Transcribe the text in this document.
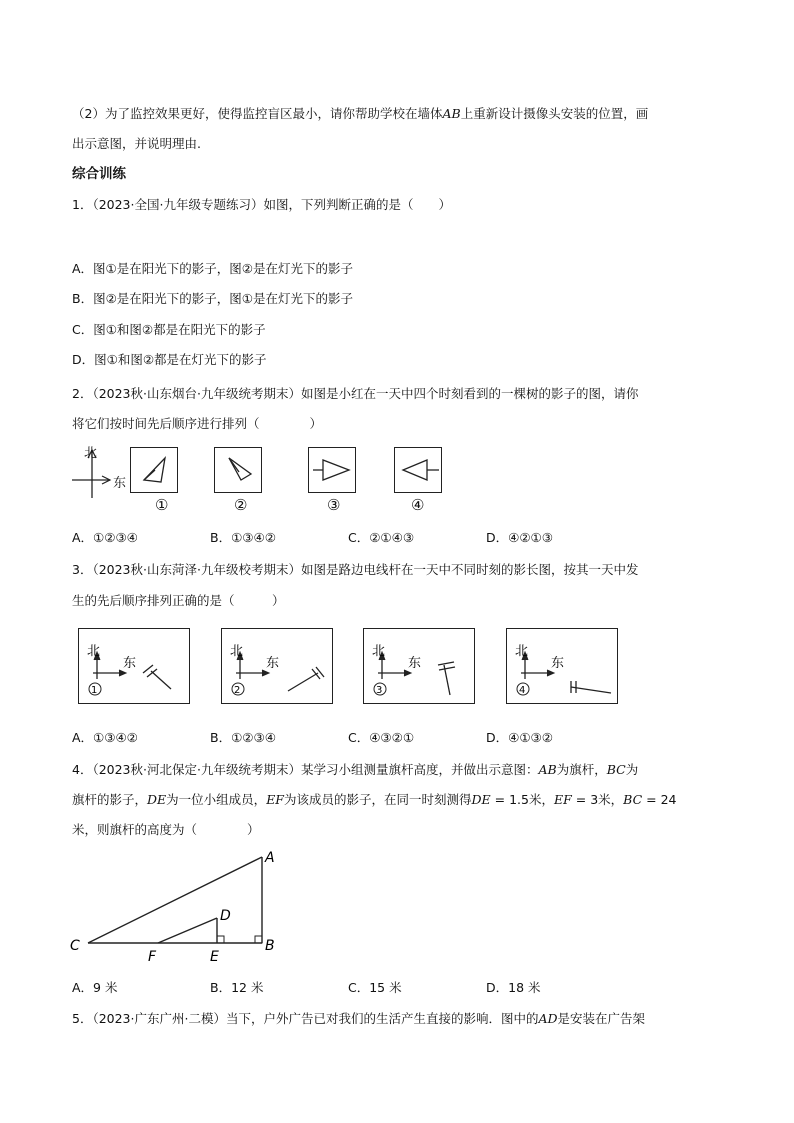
（2）为了监控效果更好，使得监控盲区最小，请你帮助学校在墙体AB上重新设计摄像头安装的位置，画
出示意图，并说明理由.
综合训练
1．（2023·全国·九年级专题练习）如图，下列判断正确的是（　　）
A．图①是在阳光下的影子，图②是在灯光下的影子
B．图②是在阳光下的影子，图①是在灯光下的影子
C．图①和图②都是在阳光下的影子
D．图①和图②都是在灯光下的影子
2．（2023秋·山东烟台·九年级统考期末）如图是小红在一天中四个时刻看到的一棵树的影子的图，请你
将它们按时间先后顺序进行排列（　　　　）
北
东
①	②	③	④
A．①②③④	B．①③④②	C．②①④③	D．④②①③
3．（2023秋·山东菏泽·九年级校考期末）如图是路边电线杆在一天中不同时刻的影长图，按其一天中发
生的先后顺序排列正确的是（　　　）
北
东
1
北
东
2
北
东
3
北
东
4
A．①③④②	B．①②③④	C．④③②①	D．④①③②
4．（2023秋·河北保定·九年级统考期末）某学习小组测量旗杆高度，并做出示意图：AB为旗杆，BC为
旗杆的影子，DE为一位小组成员，EF为该成员的影子，在同一时刻测得DE = 1.5米，EF = 3米，BC = 24
米，则旗杆的高度为（　　　　）
A
D
C
F	E
B
A．9 米	B．12 米	C．15 米	D．18 米
5．（2023·广东广州·二模）当下，户外广告已对我们的生活产生直接的影响．图中的AD是安装在广告架
